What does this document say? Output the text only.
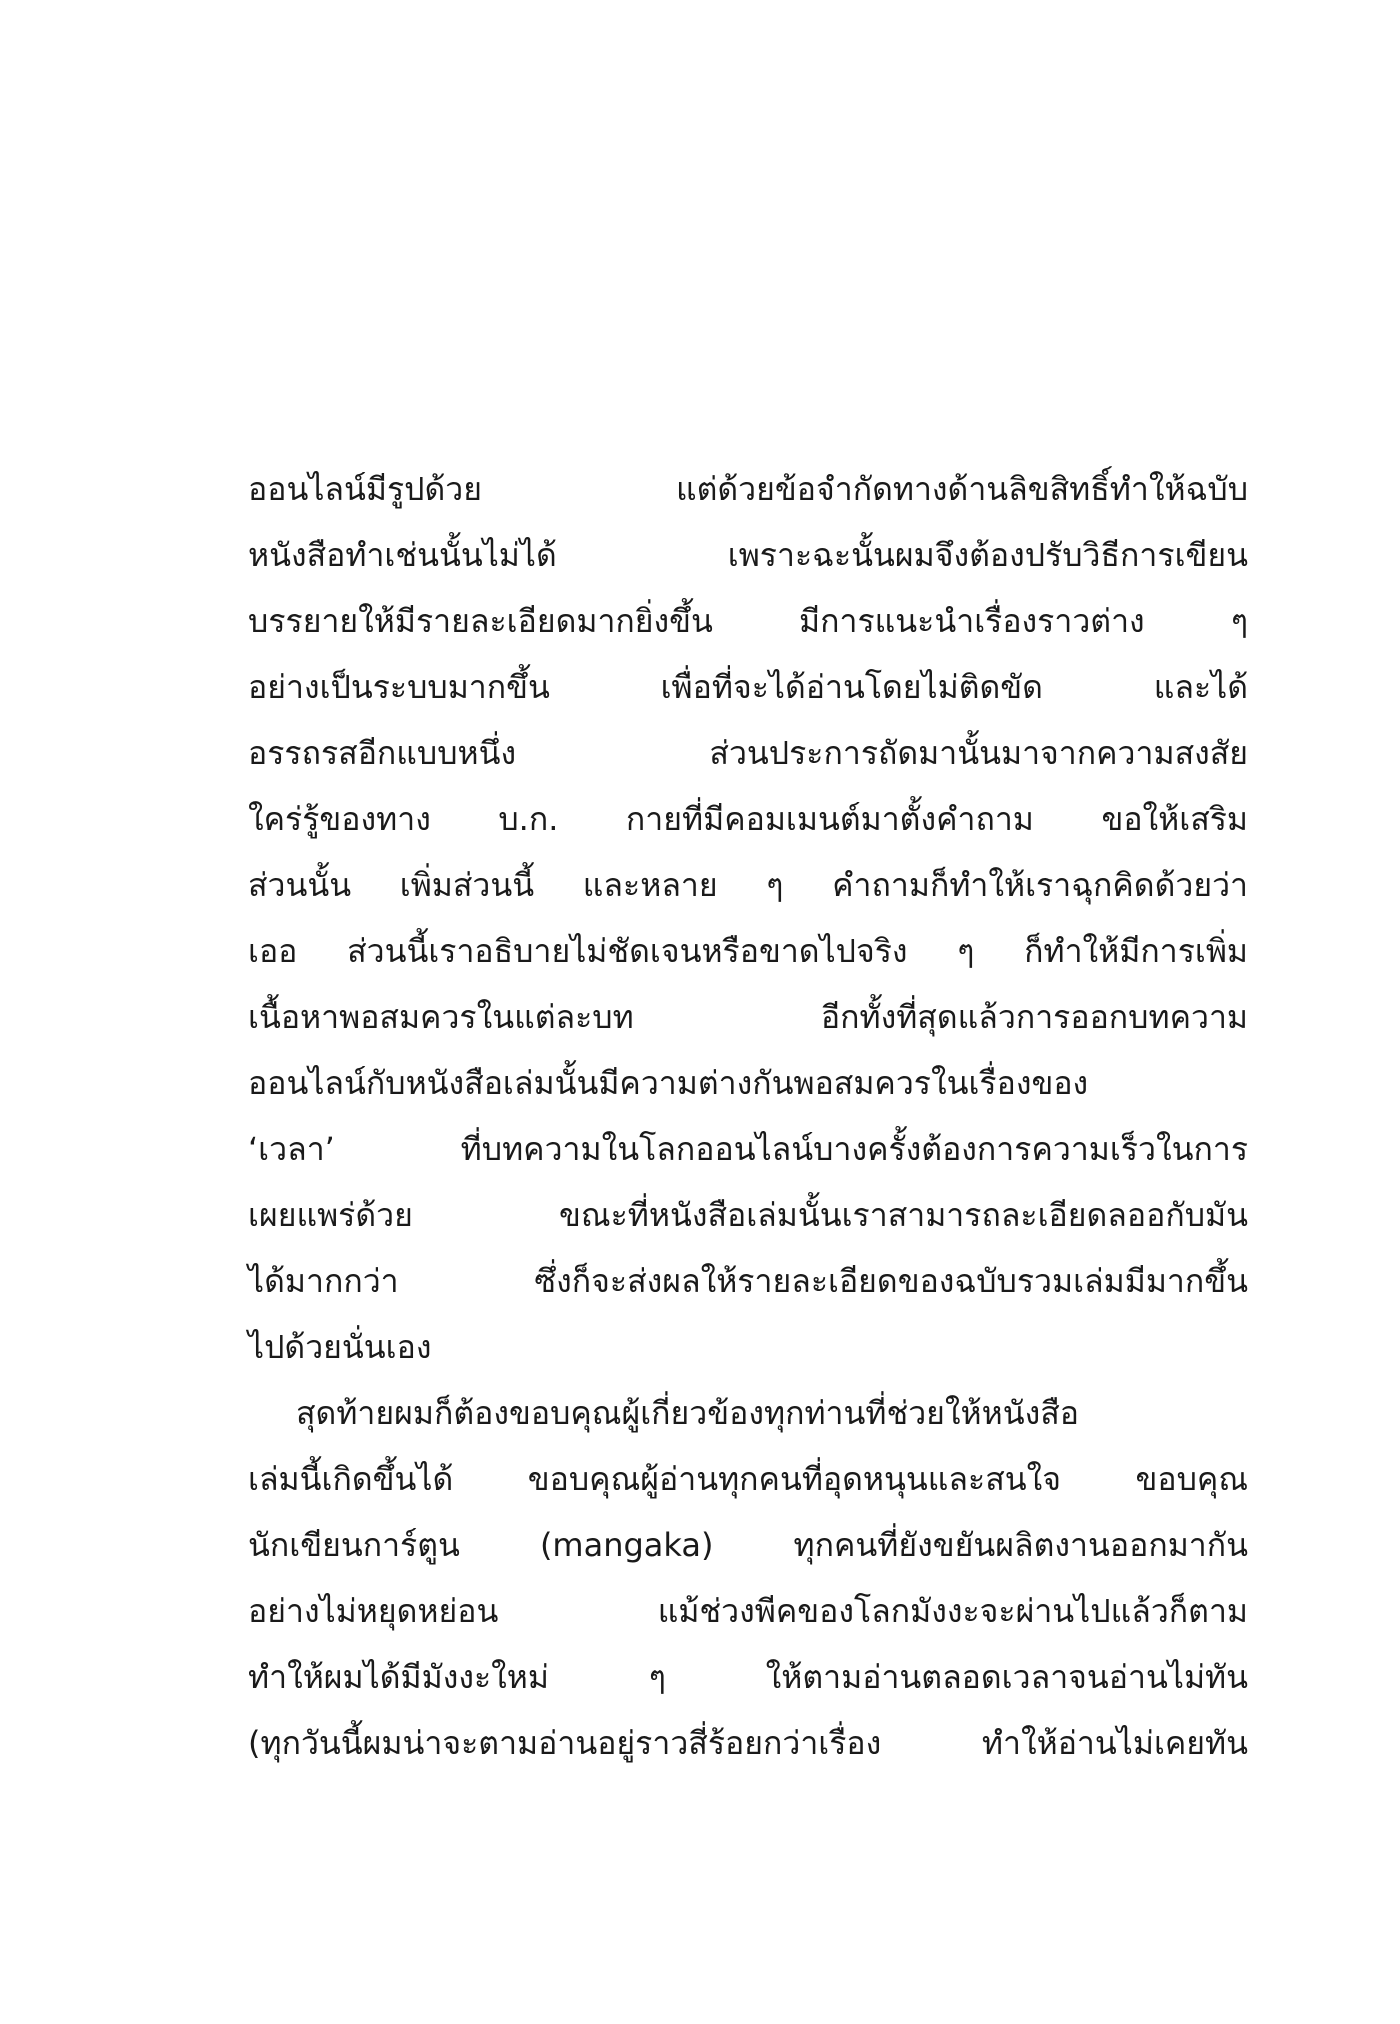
ออนไลน์มีรูปด้วย แต่ด้วยข้อจำกัดทางด้านลิขสิทธิ์ทำให้ฉบับ
หนังสือทำเช่นนั้นไม่ได้ เพราะฉะนั้นผมจึงต้องปรับวิธีการเขียน
บรรยายให้มีรายละเอียดมากยิ่งขึ้น มีการแนะนำเรื่องราวต่าง ๆ
อย่างเป็นระบบมากขึ้น เพื่อที่จะได้อ่านโดยไม่ติดขัด และได้
อรรถรสอีกแบบหนึ่ง ส่วนประการถัดมานั้นมาจากความสงสัย
ใคร่รู้ของทาง บ.ก. กายที่มีคอมเมนต์มาตั้งคำถาม ขอให้เสริม
ส่วนนั้น เพิ่มส่วนนี้ และหลาย ๆ คำถามก็ทำให้เราฉุกคิดด้วยว่า
เออ ส่วนนี้เราอธิบายไม่ชัดเจนหรือขาดไปจริง ๆ ก็ทำให้มีการเพิ่ม
เนื้อหาพอสมควรในแต่ละบท อีกทั้งที่สุดแล้วการออกบทความ
ออนไลน์กับหนังสือเล่มนั้นมีความต่างกันพอสมควรในเรื่องของ
‘เวลา’ ที่บทความในโลกออนไลน์บางครั้งต้องการความเร็วในการ
เผยแพร่ด้วย ขณะที่หนังสือเล่มนั้นเราสามารถละเอียดลออกับมัน
ได้มากกว่า ซึ่งก็จะส่งผลให้รายละเอียดของฉบับรวมเล่มมีมากขึ้น
ไปด้วยนั่นเอง
สุดท้ายผมก็ต้องขอบคุณผู้เกี่ยวข้องทุกท่านที่ช่วยให้หนังสือ
เล่มนี้เกิดขึ้นได้ ขอบคุณผู้อ่านทุกคนที่อุดหนุนและสนใจ ขอบคุณ
นักเขียนการ์ตูน (mangaka) ทุกคนที่ยังขยันผลิตงานออกมากัน
อย่างไม่หยุดหย่อน แม้ช่วงพีคของโลกมังงะจะผ่านไปแล้วก็ตาม
ทำให้ผมได้มีมังงะใหม่ ๆ ให้ตามอ่านตลอดเวลาจนอ่านไม่ทัน
(ทุกวันนี้ผมน่าจะตามอ่านอยู่ราวสี่ร้อยกว่าเรื่อง ทำให้อ่านไม่เคยทัน
